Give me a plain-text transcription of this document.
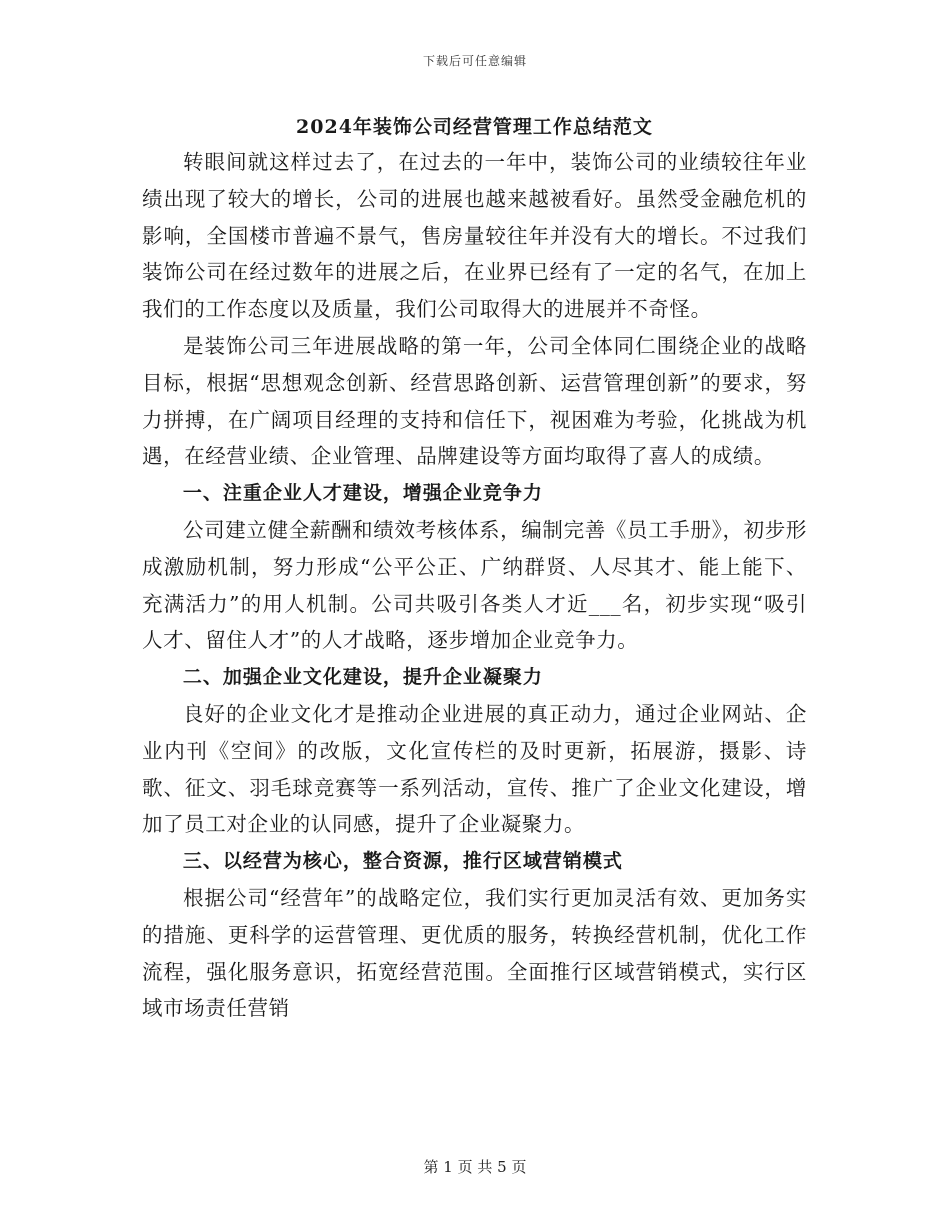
下载后可任意编辑
2024年装饰公司经营管理工作总结范文

转眼间就这样过去了，在过去的一年中，装饰公司的业绩较往年业绩出现了较大的增长，公司的进展也越来越被看好。虽然受金融危机的影响，全国楼市普遍不景气，售房量较往年并没有大的增长。不过我们装饰公司在经过数年的进展之后，在业界已经有了一定的名气，在加上我们的工作态度以及质量，我们公司取得大的进展并不奇怪。

是装饰公司三年进展战略的第一年，公司全体同仁围绕企业的战略目标，根据“思想观念创新、经营思路创新、运营管理创新”的要求，努力拼搏，在广阔项目经理的支持和信任下，视困难为考验，化挑战为机遇，在经营业绩、企业管理、品牌建设等方面均取得了喜人的成绩。

一、注重企业人才建设，增强企业竞争力

公司建立健全薪酬和绩效考核体系，编制完善《员工手册》，初步形成激励机制，努力形成“公平公正、广纳群贤、人尽其才、能上能下、充满活力”的用人机制。公司共吸引各类人才近___名，初步实现“吸引人才、留住人才”的人才战略，逐步增加企业竞争力。

二、加强企业文化建设，提升企业凝聚力

良好的企业文化才是推动企业进展的真正动力，通过企业网站、企业内刊《空间》的改版，文化宣传栏的及时更新，拓展游，摄影、诗歌、征文、羽毛球竞赛等一系列活动，宣传、推广了企业文化建设，增加了员工对企业的认同感，提升了企业凝聚力。

三、以经营为核心，整合资源，推行区域营销模式

根据公司“经营年”的战略定位，我们实行更加灵活有效、更加务实的措施、更科学的运营管理、更优质的服务，转换经营机制，优化工作流程，强化服务意识，拓宽经营范围。全面推行区域营销模式，实行区域市场责任营销

第 1 页 共 5 页
